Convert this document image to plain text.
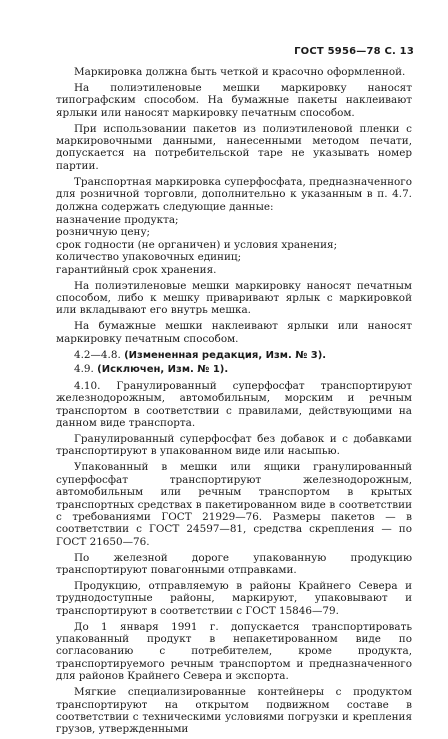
ГОСТ 5956—78 С. 13

Маркировка должна быть четкой и красочно оформленной.

На полиэтиленовые мешки маркировку наносят типографским способом. На бумажные пакеты наклеивают ярлыки или наносят маркировку печатным способом.

При использовании пакетов из полиэтиленовой пленки с маркировочными данными, нанесенными методом печати, допускается на потребительской таре не указывать номер партии.

Транспортная маркировка суперфосфата, предназначенного для розничной торговли, дополнительно к указанным в п. 4.7. должна содержать следующие данные:

назначение продукта;

розничную цену;

срок годности (не органичен) и условия хранения;

количество упаковочных единиц;

гарантийный срок хранения.

На полиэтиленовые мешки маркировку наносят печатным способом, либо к мешку приваривают ярлык с маркировкой или вкладывают его внутрь мешка.

На бумажные мешки наклеивают ярлыки или наносят маркировку печатным способом.

4.2—4.8. (Измененная редакция, Изм. № 3).

4.9. (Исключен, Изм. № 1).

4.10. Гранулированный суперфосфат транспортируют железнодорожным, автомобильным, морским и речным транспортом в соответствии с правилами, действующими на данном виде транспорта.

Гранулированный суперфосфат без добавок и с добавками транспортируют в упакованном виде или насыпью.

Упакованный в мешки или ящики гранулированный суперфосфат транспортируют железнодорожным, автомобильным или речным транспортом в крытых транспортных средствах в пакетированном виде в соответствии с требованиями ГОСТ 21929—76. Размеры пакетов — в соответствии с ГОСТ 24597—81, средства скрепления — по ГОСТ 21650—76.

По железной дороге упакованную продукцию транспортируют повагонными отправками.

Продукцию, отправляемую в районы Крайнего Севера и труднодоступные районы, маркируют, упаковывают и транспортируют в соответствии с ГОСТ 15846—79.

До 1 января 1991 г. допускается транспортировать упакованный продукт в непакетированном виде по согласованию с потребителем, кроме продукта, транспортируемого речным транспортом и предназначенного для районов Крайнего Севера и экспорта.

Мягкие специализированные контейнеры с продуктом транспортируют на открытом подвижном составе в соответствии с техническими условиями погрузки и крепления грузов, утвержденными
